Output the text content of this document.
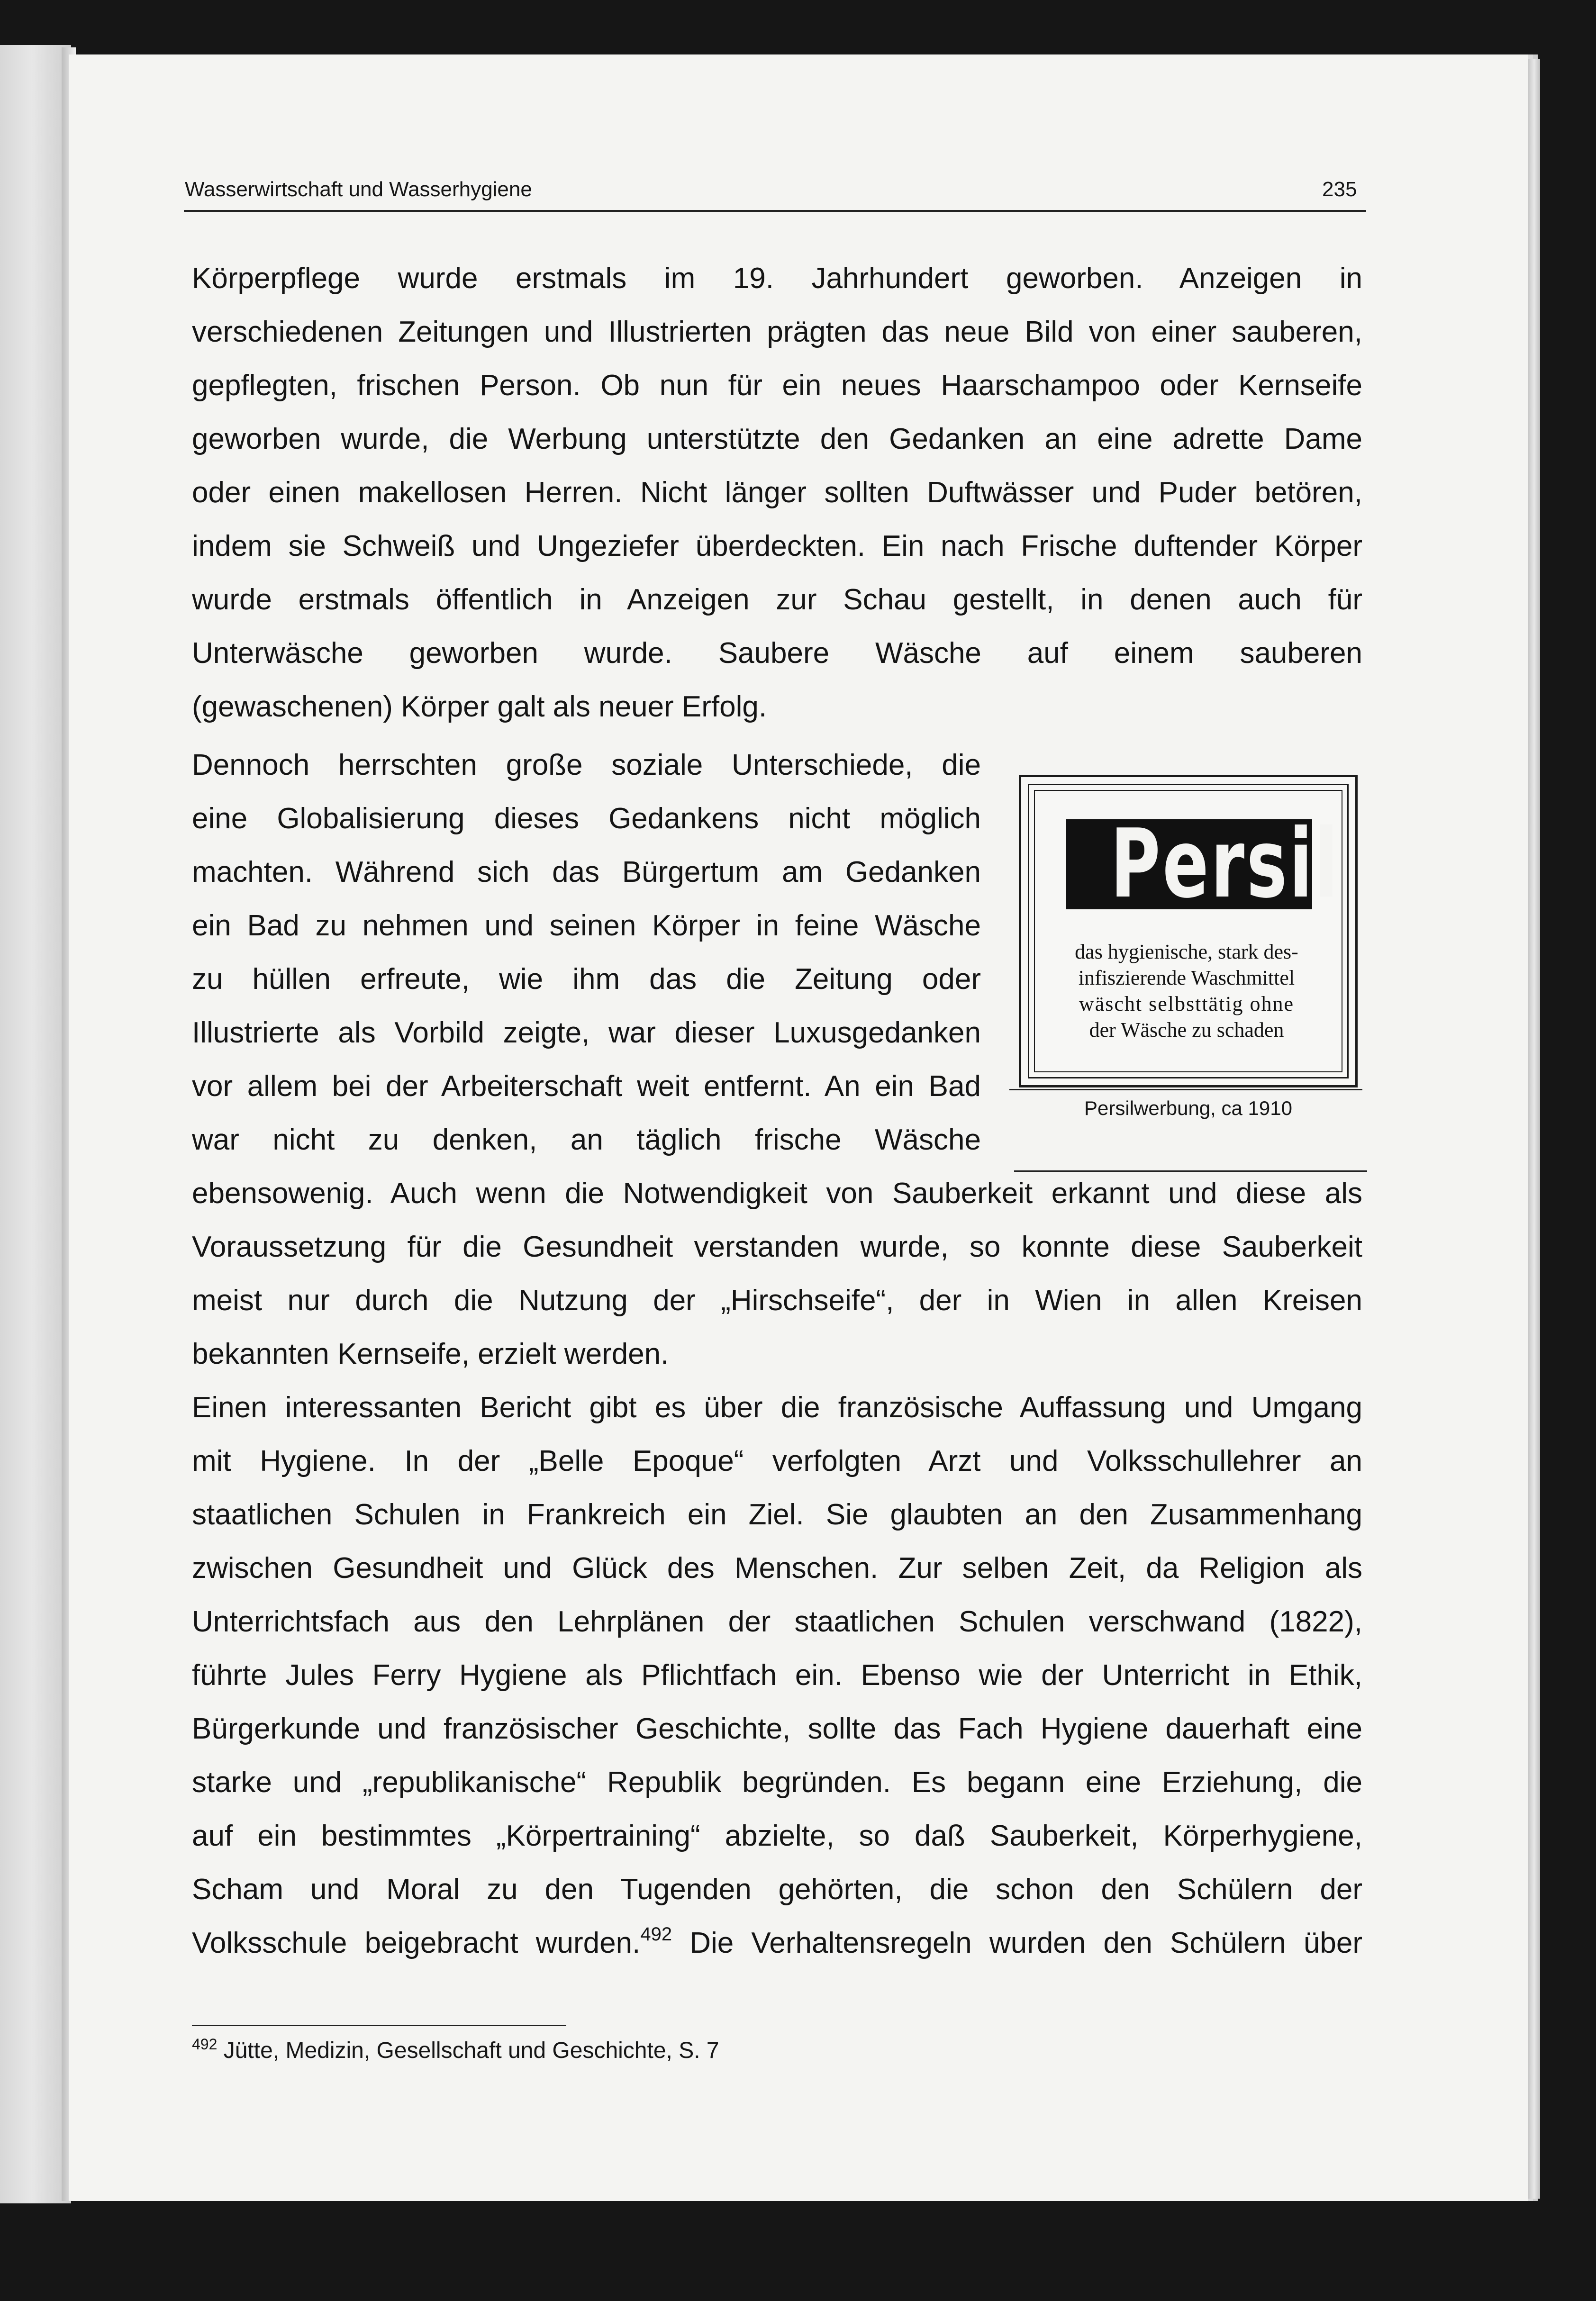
Wasserwirtschaft und Wasserhygiene	235
Körperpflege wurde erstmals im 19. Jahrhundert geworben. Anzeigen in
verschiedenen Zeitungen und Illustrierten prägten das neue Bild von einer sauberen,
gepflegten, frischen Person. Ob nun für ein neues Haarschampoo oder Kernseife
geworben wurde, die Werbung unterstützte den Gedanken an eine adrette Dame
oder einen makellosen Herren. Nicht länger sollten Duftwässer und Puder betören,
indem sie Schweiß und Ungeziefer überdeckten. Ein nach Frische duftender Körper
wurde erstmals öffentlich in Anzeigen zur Schau gestellt, in denen auch für
Unterwäsche geworben wurde. Saubere Wäsche auf einem sauberen
(gewaschenen) Körper galt als neuer Erfolg.
Dennoch herrschten große soziale Unterschiede, die
eine Globalisierung dieses Gedankens nicht möglich
machten. Während sich das Bürgertum am Gedanken
ein Bad zu nehmen und seinen Körper in feine Wäsche
zu hüllen erfreute, wie ihm das die Zeitung oder
Illustrierte als Vorbild zeigte, war dieser Luxusgedanken
vor allem bei der Arbeiterschaft weit entfernt. An ein Bad
war nicht zu denken, an täglich frische Wäsche
Persil
das hygienische, stark des-
infiszierende Waschmittel
wäscht selbsttätig ohne
der Wäsche zu schaden
Persilwerbung, ca 1910
ebensowenig. Auch wenn die Notwendigkeit von Sauberkeit erkannt und diese als
Voraussetzung für die Gesundheit verstanden wurde, so konnte diese Sauberkeit
meist nur durch die Nutzung der „Hirschseife“, der in Wien in allen Kreisen
bekannten Kernseife, erzielt werden.
Einen interessanten Bericht gibt es über die französische Auffassung und Umgang
mit Hygiene. In der „Belle Epoque“ verfolgten Arzt und Volksschullehrer an
staatlichen Schulen in Frankreich ein Ziel. Sie glaubten an den Zusammenhang
zwischen Gesundheit und Glück des Menschen. Zur selben Zeit, da Religion als
Unterrichtsfach aus den Lehrplänen der staatlichen Schulen verschwand (1822),
führte Jules Ferry Hygiene als Pflichtfach ein. Ebenso wie der Unterricht in Ethik,
Bürgerkunde und französischer Geschichte, sollte das Fach Hygiene dauerhaft eine
starke und „republikanische“ Republik begründen. Es begann eine Erziehung, die
auf ein bestimmtes „Körpertraining“ abzielte, so daß Sauberkeit, Körperhygiene,
Scham und Moral zu den Tugenden gehörten, die schon den Schülern der
Volksschule beigebracht wurden.$^{492}$ Die Verhaltensregeln wurden den Schülern über
$^{492}$ Jütte, Medizin, Gesellschaft und Geschichte, S. 7
